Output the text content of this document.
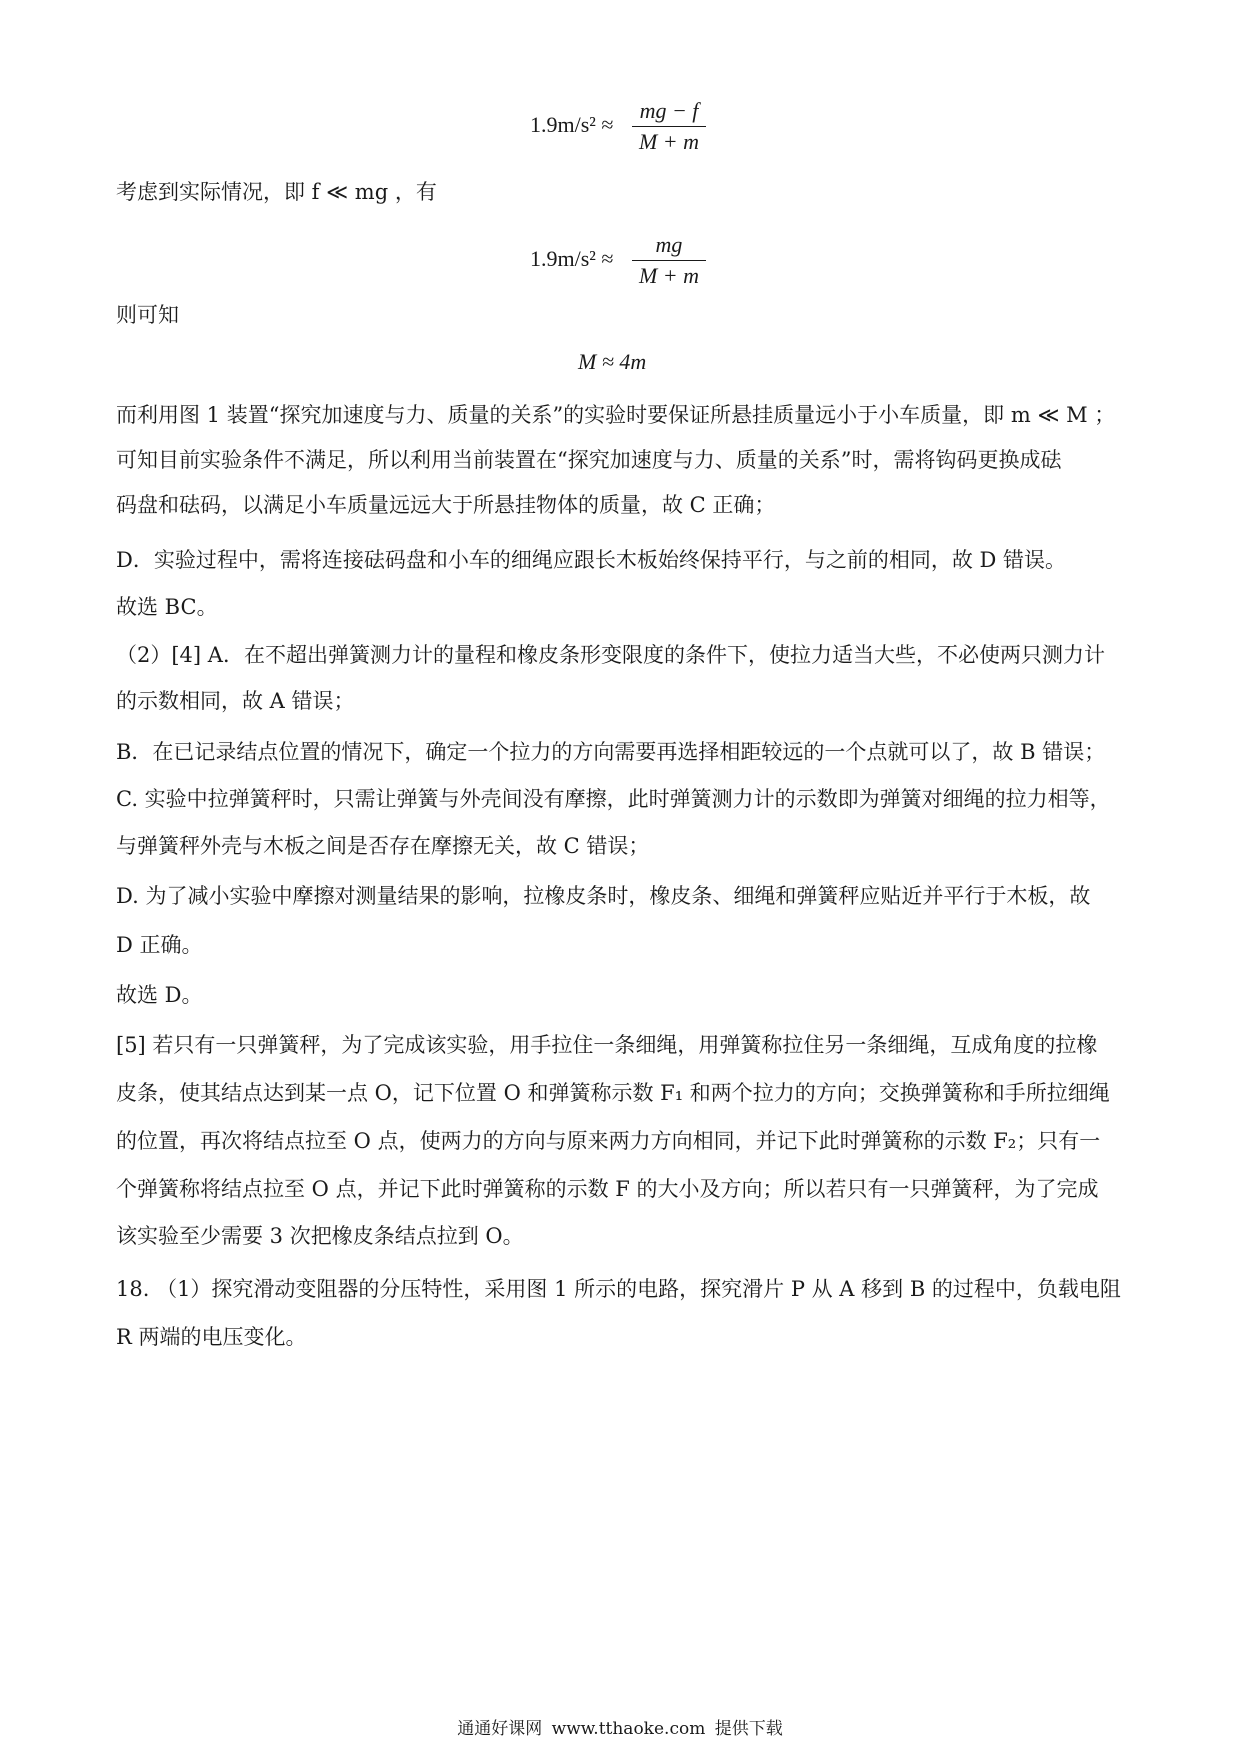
1.9m/s² ≈
mg − f
M + m
考虑到实际情况，即 f ≪ mg ，有
1.9m/s² ≈
mg
M + m
则可知
M ≈ 4m
而利用图 1 装置“探究加速度与力、质量的关系”的实验时要保证所悬挂质量远小于小车质量，即 m ≪ M ；
可知目前实验条件不满足，所以利用当前装置在“探究加速度与力、质量的关系”时，需将钩码更换成砝
码盘和砝码，以满足小车质量远远大于所悬挂物体的质量，故 C 正确；
D．实验过程中，需将连接砝码盘和小车的细绳应跟长木板始终保持平行，与之前的相同，故 D 错误。
故选 BC。
（2）[4] A．在不超出弹簧测力计的量程和橡皮条形变限度的条件下，使拉力适当大些，不必使两只测力计
的示数相同，故 A 错误；
B．在已记录结点位置的情况下，确定一个拉力的方向需要再选择相距较远的一个点就可以了，故 B 错误；
C. 实验中拉弹簧秤时，只需让弹簧与外壳间没有摩擦，此时弹簧测力计的示数即为弹簧对细绳的拉力相等，
与弹簧秤外壳与木板之间是否存在摩擦无关，故 C 错误；
D. 为了减小实验中摩擦对测量结果的影响，拉橡皮条时，橡皮条、细绳和弹簧秤应贴近并平行于木板，故
D 正确。
故选 D。
[5] 若只有一只弹簧秤，为了完成该实验，用手拉住一条细绳，用弹簧称拉住另一条细绳，互成角度的拉橡
皮条，使其结点达到某一点 O，记下位置 O 和弹簧称示数 F₁ 和两个拉力的方向；交换弹簧称和手所拉细绳
的位置，再次将结点拉至 O 点，使两力的方向与原来两力方向相同，并记下此时弹簧称的示数 F₂；只有一
个弹簧称将结点拉至 O 点，并记下此时弹簧称的示数 F 的大小及方向；所以若只有一只弹簧秤，为了完成
该实验至少需要 3 次把橡皮条结点拉到 O。
18. （1）探究滑动变阻器的分压特性，采用图 1 所示的电路，探究滑片 P 从 A 移到 B 的过程中，负载电阻
R 两端的电压变化。
通通好课网 www.tthaoke.com 提供下载
